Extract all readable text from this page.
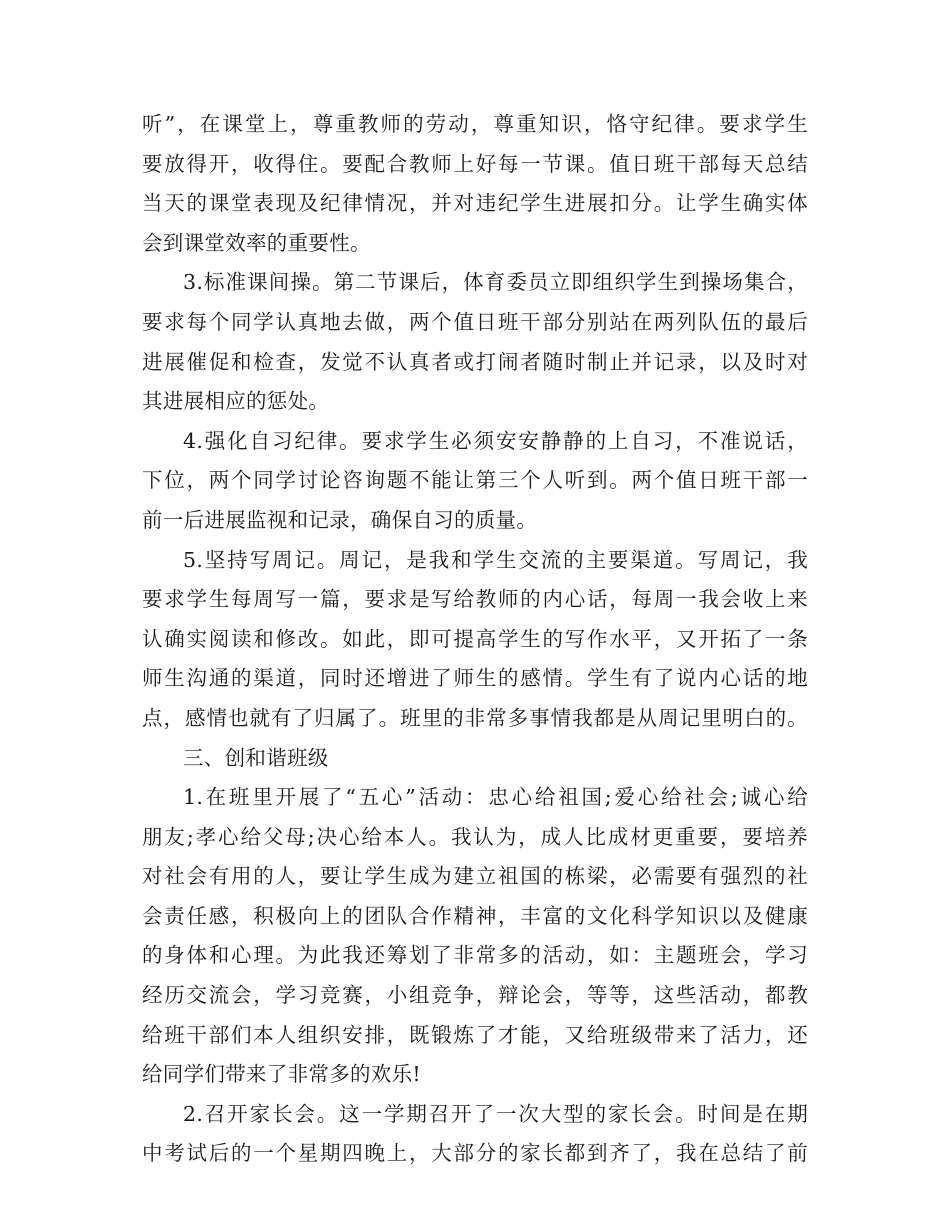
听”，在课堂上，尊重教师的劳动，尊重知识，恪守纪律。要求学生
要放得开，收得住。要配合教师上好每一节课。值日班干部每天总结
当天的课堂表现及纪律情况，并对违纪学生进展扣分。让学生确实体
会到课堂效率的重要性。
3.标准课间操。第二节课后，体育委员立即组织学生到操场集合，
要求每个同学认真地去做，两个值日班干部分别站在两列队伍的最后
进展催促和检查，发觉不认真者或打闹者随时制止并记录，以及时对
其进展相应的惩处。
4.强化自习纪律。要求学生必须安安静静的上自习，不准说话，
下位，两个同学讨论咨询题不能让第三个人听到。两个值日班干部一
前一后进展监视和记录，确保自习的质量。
5.坚持写周记。周记，是我和学生交流的主要渠道。写周记，我
要求学生每周写一篇，要求是写给教师的内心话，每周一我会收上来
认确实阅读和修改。如此，即可提高学生的写作水平，又开拓了一条
师生沟通的渠道，同时还增进了师生的感情。学生有了说内心话的地
点，感情也就有了归属了。班里的非常多事情我都是从周记里明白的。
三、创和谐班级
1.在班里开展了“五心”活动：忠心给祖国;爱心给社会;诚心给
朋友;孝心给父母;决心给本人。我认为，成人比成材更重要，要培养
对社会有用的人，要让学生成为建立祖国的栋梁，必需要有强烈的社
会责任感，积极向上的团队合作精神，丰富的文化科学知识以及健康
的身体和心理。为此我还筹划了非常多的活动，如：主题班会，学习
经历交流会，学习竞赛，小组竞争，辩论会，等等，这些活动，都教
给班干部们本人组织安排，既锻炼了才能，又给班级带来了活力，还
给同学们带来了非常多的欢乐!
2.召开家长会。这一学期召开了一次大型的家长会。时间是在期
中考试后的一个星期四晚上，大部分的家长都到齐了，我在总结了前
